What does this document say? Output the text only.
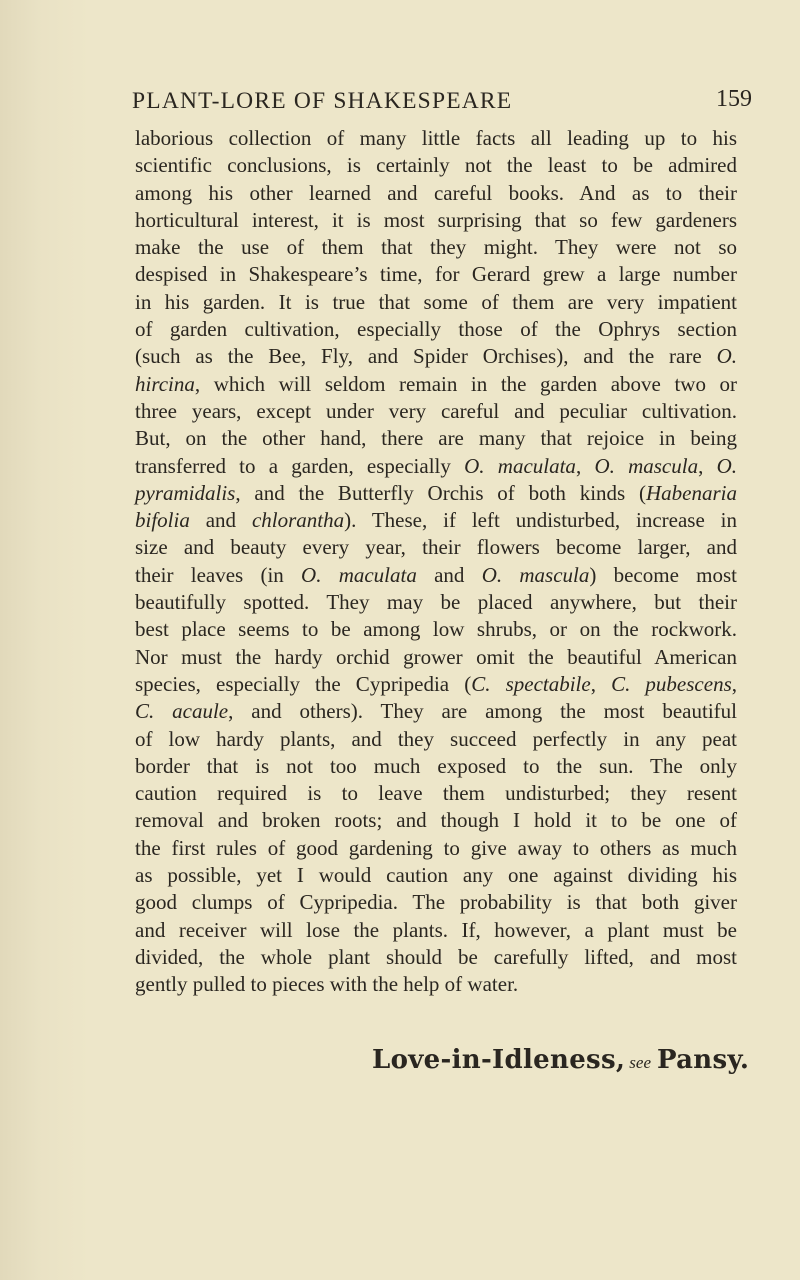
PLANT-LORE OF SHAKESPEARE	159
laborious collection of many little facts all leading up to his
scientific conclusions, is certainly not the least to be admired
among his other learned and careful books. And as to their
horticultural interest, it is most surprising that so few gardeners
make the use of them that they might. They were not so
despised in Shakespeare’s time, for Gerard grew a large number
in his garden. It is true that some of them are very impatient
of garden cultivation, especially those of the Ophrys section
(such as the Bee, Fly, and Spider Orchises), and the rare O.
hircina, which will seldom remain in the garden above two or
three years, except under very careful and peculiar cultivation.
But, on the other hand, there are many that rejoice in being
transferred to a garden, especially O. maculata, O. mascula, O.
pyramidalis, and the Butterfly Orchis of both kinds (Habenaria
bifolia and chlorantha). These, if left undisturbed, increase in
size and beauty every year, their flowers become larger, and
their leaves (in O. maculata and O. mascula) become most
beautifully spotted. They may be placed anywhere, but their
best place seems to be among low shrubs, or on the rockwork.
Nor must the hardy orchid grower omit the beautiful American
species, especially the Cypripedia (C. spectabile, C. pubescens,
C. acaule, and others). They are among the most beautiful
of low hardy plants, and they succeed perfectly in any peat
border that is not too much exposed to the sun. The only
caution required is to leave them undisturbed; they resent
removal and broken roots; and though I hold it to be one of
the first rules of good gardening to give away to others as much
as possible, yet I would caution any one against dividing his
good clumps of Cypripedia. The probability is that both giver
and receiver will lose the plants. If, however, a plant must be
divided, the whole plant should be carefully lifted, and most
gently pulled to pieces with the help of water.
Love-in-Idleness, see Pansy.
